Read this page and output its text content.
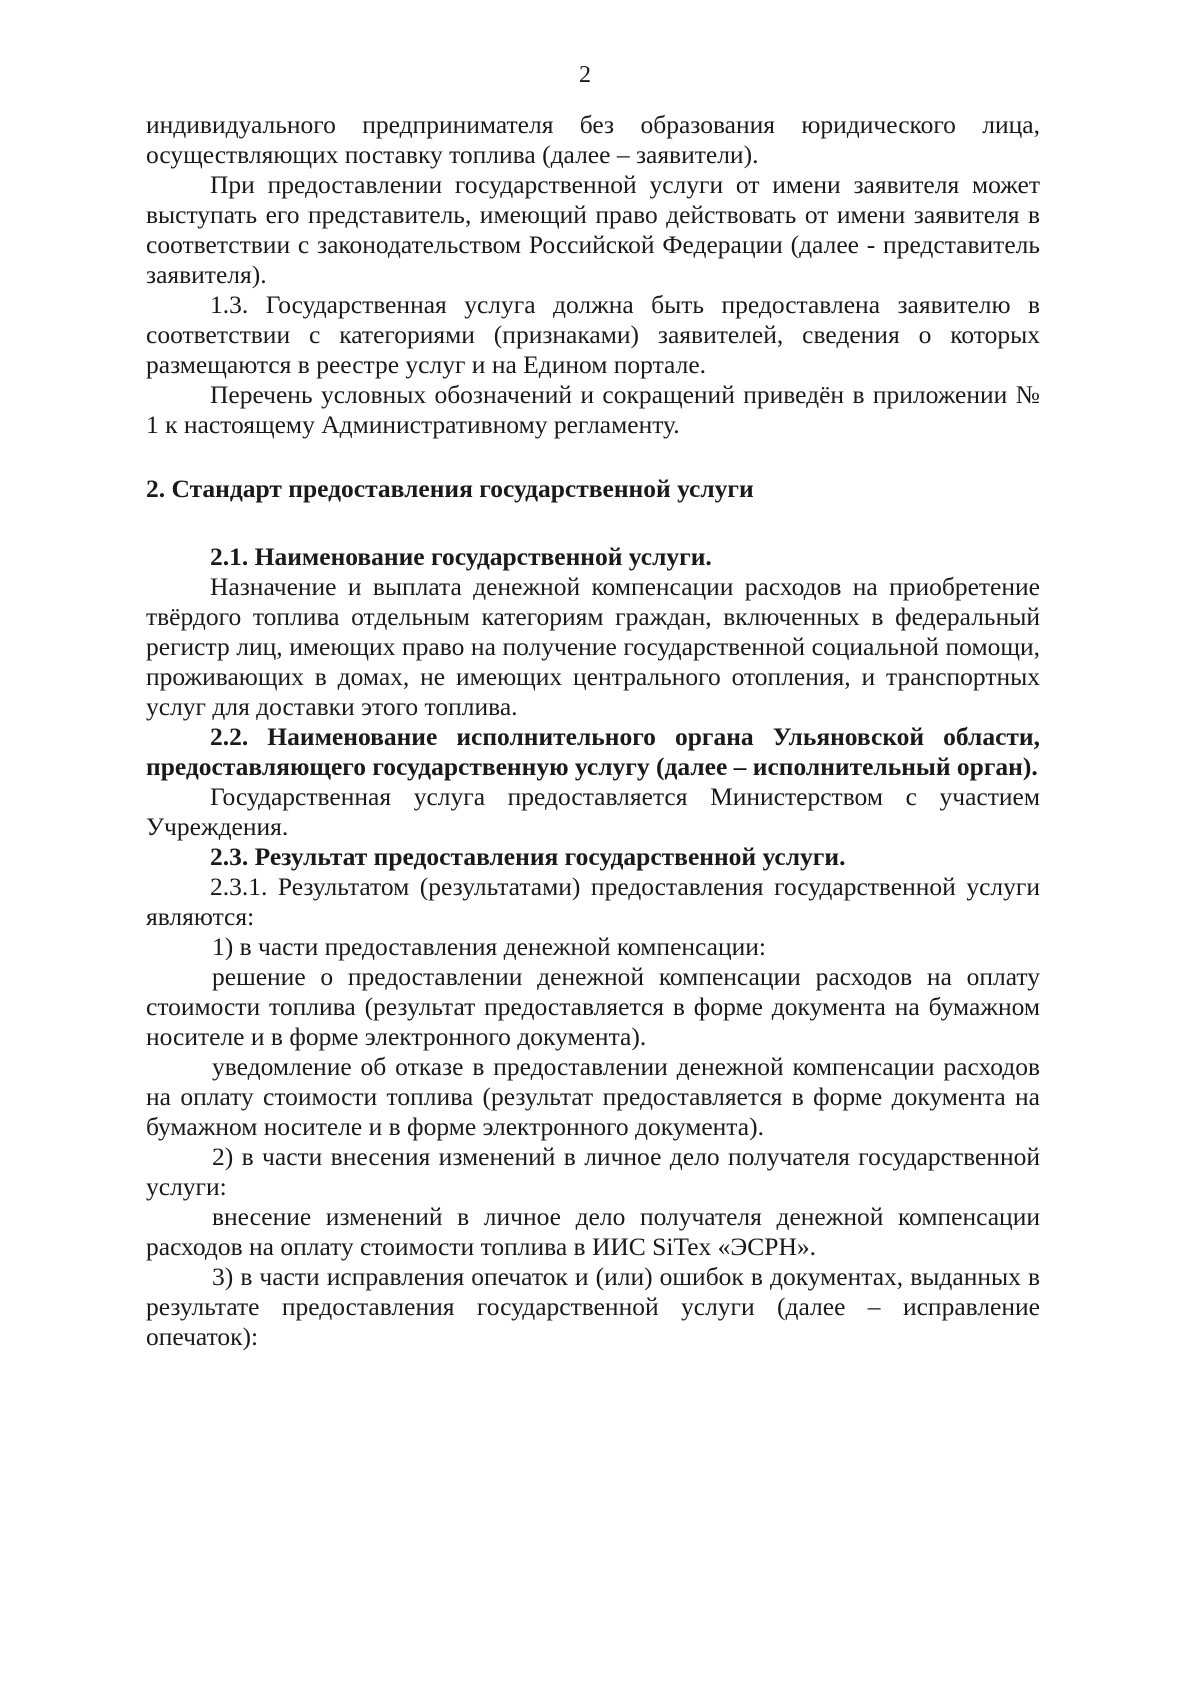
2

индивидуального предпринимателя без образования юридического лица, осуществляющих поставку топлива (далее – заявители).

При предоставлении государственной услуги от имени заявителя может выступать его представитель, имеющий право действовать от имени заявителя в соответствии с законодательством Российской Федерации (далее - представитель заявителя).

1.3. Государственная услуга должна быть предоставлена заявителю в соответствии с категориями (признаками) заявителей, сведения о которых размещаются в реестре услуг и на Едином портале.

Перечень условных обозначений и сокращений приведён в приложении № 1 к настоящему Административному регламенту.

2. Стандарт предоставления государственной услуги

2.1. Наименование государственной услуги.

Назначение и выплата денежной компенсации расходов на приобретение твёрдого топлива отдельным категориям граждан, включенных в федеральный регистр лиц, имеющих право на получение государственной социальной помощи, проживающих в домах, не имеющих центрального отопления, и транспортных услуг для доставки этого топлива.

2.2. Наименование исполнительного органа Ульяновской области, предоставляющего государственную услугу (далее – исполнительный орган).

Государственная услуга предоставляется Министерством с участием Учреждения.

2.3. Результат предоставления государственной услуги.

2.3.1. Результатом (результатами) предоставления государственной услуги являются:

1) в части предоставления денежной компенсации:

решение о предоставлении денежной компенсации расходов на оплату стоимости топлива (результат предоставляется в форме документа на бумажном носителе и в форме электронного документа).

уведомление об отказе в предоставлении денежной компенсации расходов на оплату стоимости топлива (результат предоставляется в форме документа на бумажном носителе и в форме электронного документа).

2) в части внесения изменений в личное дело получателя государственной услуги:

внесение изменений в личное дело получателя денежной компенсации расходов на оплату стоимости топлива в ИИС SiTex «ЭСРН».

3) в части исправления опечаток и (или) ошибок в документах, выданных в результате предоставления государственной услуги (далее – исправление опечаток):
